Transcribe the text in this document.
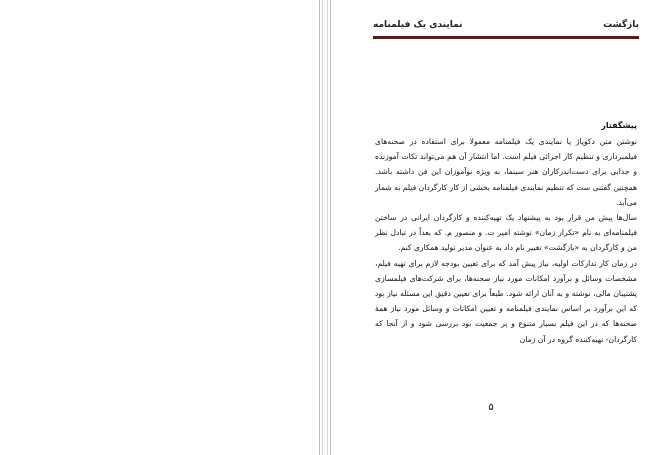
بازگشت
نمایندی یک فیلمنامه
پیشگفتار

نوشتن متن دکوپاژ یا نمایندی یک فیلمنامه معمولا برای استفاده در صحنه‌های فیلمبرداری و تنظیم کار اجرائی فیلم است. اما انتشار آن هم می‌تواند نکات آموزنده و جذابی برای دست‌اندرکاران هنر سینما، به ویژه نوآموزان این فن داشته باشد. همچنین گفتنی ست که تنظیم نمایندی فیلمنامه بخشی از کار کارگردان فیلم به شمار می‌آید.

سال‌ها پیش من قرار بود به پیشنهاد یک تهیه‌کننده و کارگردان ایرانی در ساختن فیلمنامه‌ای به نام «تکرار زمان» نوشته امیر ت. و منصور م. که بعداً در تبادل نظر من و کارگردان به «بازگشت» تغییر نام داد به عنوان مدیر تولید همکاری کنم.

در زمان کار تدارکات اولیه، نیاز پیش آمد که برای تعیین بودجه لازم برای تهیه فیلم، مشخصات وسائل و برآورد امکانات مورد نیاز صحنه‌ها، برای شرکت‌های فیلمسازی پشتیبان مالی، نوشته و به آنان ارائه شود. طبعاً برای تعیین دقیق این مسئله نیاز بود که این برآورد بر اساس نمایندی فیلمنامه و تعیین امکانات و وسائل مورد نیاز همهٔ صحنه‌ها که در این فیلم بسیار متنوع و پر جمعیت بود بررسی شود و از آنجا که کارگردان- تهیه‌کننده گروه در آن زمان

۵
